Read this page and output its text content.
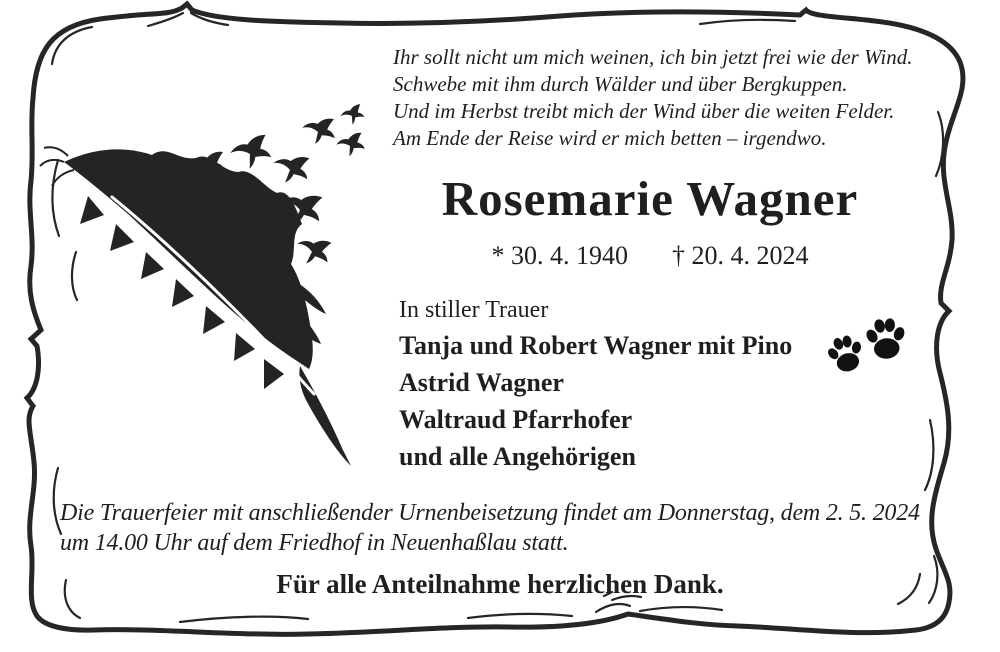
Ihr sollt nicht um mich weinen, ich bin jetzt frei wie der Wind.

Schwebe mit ihm durch Wälder und über Bergkuppen.

Und im Herbst treibt mich der Wind über die weiten Felder.

Am Ende der Reise wird er mich betten – irgendwo.

Rosemarie Wagner
* 30. 4. 1940 † 20. 4. 2024

In stiller Trauer

Tanja und Robert Wagner mit Pino

Astrid Wagner

Waltraud Pfarrhofer

und alle Angehörigen

Die Trauerfeier mit anschließender Urnenbeisetzung findet am Donnerstag, dem 2. 5. 2024

um 14.00 Uhr auf dem Friedhof in Neuenhaßlau statt.

Für alle Anteilnahme herzlichen Dank.
